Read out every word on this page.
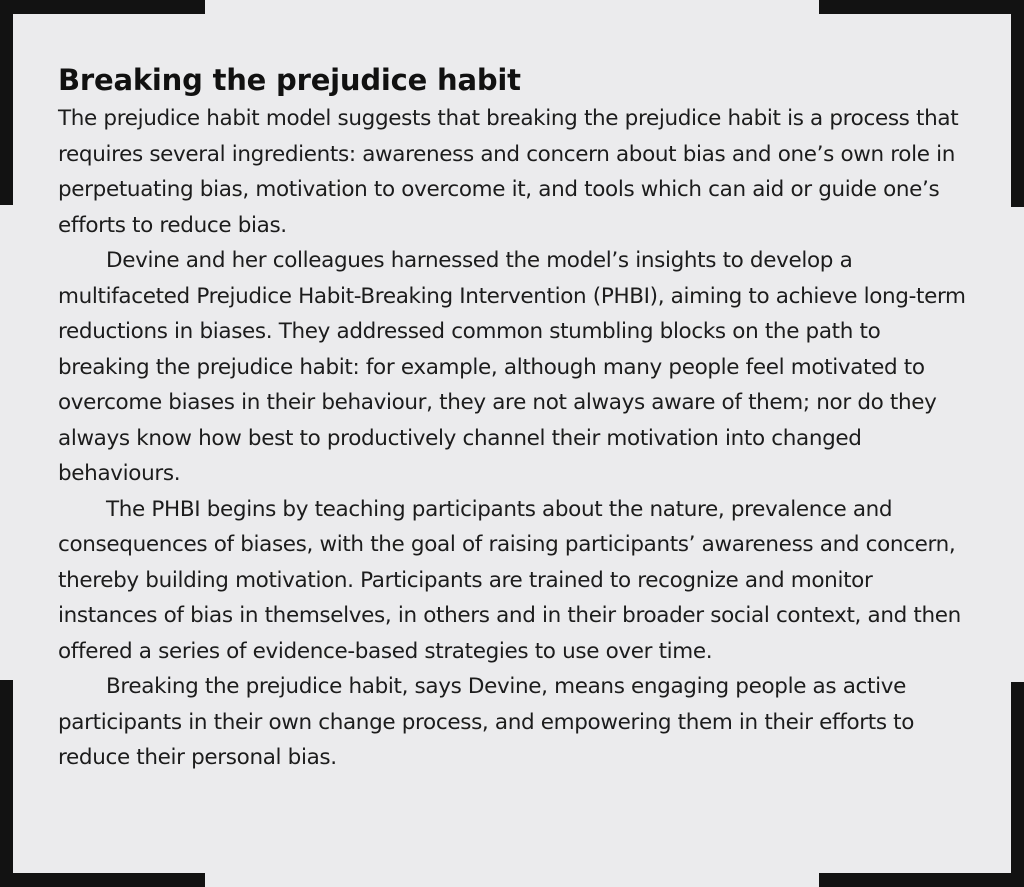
Breaking the prejudice habit

The prejudice habit model suggests that breaking the prejudice habit is a process that requires several ingredients: awareness and concern about bias and one’s own role in perpetuating bias, motivation to overcome it, and tools which can aid or guide one’s efforts to reduce bias.

Devine and her colleagues harnessed the model’s insights to develop a multifaceted Prejudice Habit-Breaking Intervention (PHBI), aiming to achieve long-term reductions in biases. They addressed common stumbling blocks on the path to breaking the prejudice habit: for example, although many people feel motivated to overcome biases in their behaviour, they are not always aware of them; nor do they always know how best to productively channel their motivation into changed behaviours.

The PHBI begins by teaching participants about the nature, prevalence and consequences of biases, with the goal of raising participants’ awareness and concern, thereby building motivation. Participants are trained to recognize and monitor instances of bias in themselves, in others and in their broader social context, and then offered a series of evidence-based strategies to use over time.

Breaking the prejudice habit, says Devine, means engaging people as active participants in their own change process, and empowering them in their efforts to reduce their personal bias.
